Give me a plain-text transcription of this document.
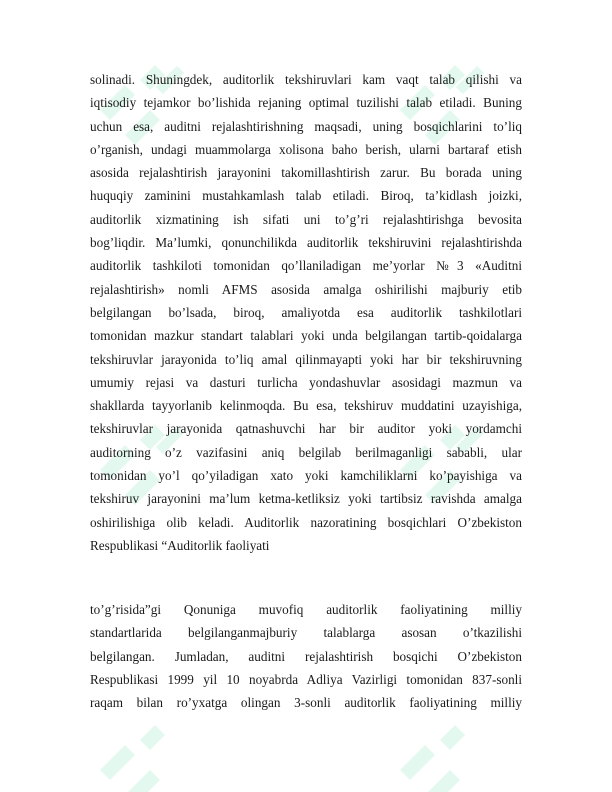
solinadi. Shuningdek, auditorlik tekshiruvlari kam vaqt talab qilishi va
iqtisodiy tejamkor bo’lishida rejaning optimal tuzilishi talab etiladi. Buning
uchun esa, auditni rejalashtirishning maqsadi, uning bosqichlarini to’liq
o’rganish, undagi muammolarga xolisona baho berish, ularni bartaraf etish
asosida rejalashtirish jarayonini takomillashtirish zarur. Bu borada uning
huquqiy zaminini mustahkamlash talab etiladi. Biroq, ta’kidlash joizki,
auditorlik xizmatining ish sifati uni to’g’ri rejalashtirishga bevosita
bog’liqdir. Ma’lumki, qonunchilikda auditorlik tekshiruvini rejalashtirishda
auditorlik tashkiloti tomonidan qo’llaniladigan me’yorlar №3 «Auditni
rejalashtirish» nomli AFMS asosida amalga oshirilishi majburiy etib
belgilangan bo’lsada, biroq, amaliyotda esa auditorlik tashkilotlari
tomonidan mazkur standart talablari yoki unda belgilangan tartib-qoidalarga
tekshiruvlar jarayonida to’liq amal qilinmayapti yoki har bir tekshiruvning
umumiy rejasi va dasturi turlicha yondashuvlar asosidagi mazmun va
shakllarda tayyorlanib kelinmoqda. Bu esa, tekshiruv muddatini uzayishiga,
tekshiruvlar jarayonida qatnashuvchi har bir auditor yoki yordamchi
auditorning o’z vazifasini aniq belgilab berilmaganligi sababli, ular
tomonidan yo’l qo’yiladigan xato yoki kamchiliklarni ko’payishiga va
tekshiruv jarayonini ma’lum ketma-ketliksiz yoki tartibsiz ravishda amalga
oshirilishiga olib keladi. Auditorlik nazoratining bosqichlari O’zbekiston
Respublikasi “Auditorlik faoliyati
to’g’risida”gi Qonuniga muvofiq auditorlik faoliyatining milliy
standartlarida belgilanganmajburiy talablarga asosan o’tkazilishi
belgilangan. Jumladan, auditni rejalashtirish bosqichi O’zbekiston
Respublikasi 1999 yil 10 noyabrda Adliya Vazirligi tomonidan 837-sonli
raqam bilan ro’yxatga olingan 3-sonli auditorlik faoliyatining milliy
